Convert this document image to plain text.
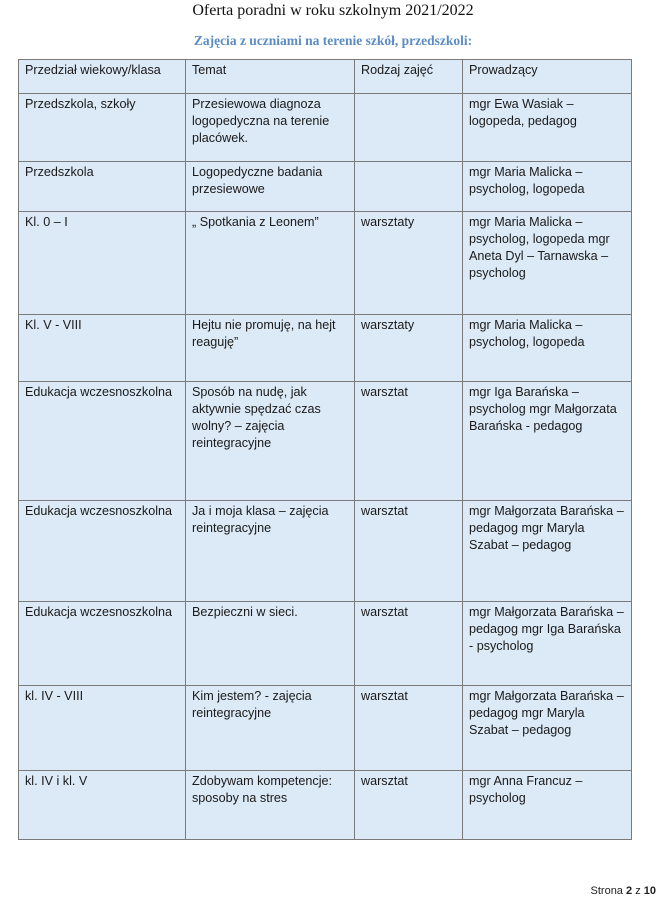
Oferta poradni w roku szkolnym 2021/2022
Zajęcia z uczniami na terenie szkół, przedszkoli:
Przedział wiekowy/klasa	Temat	Rodzaj zajęć	Prowadzący
Przedszkola, szkoły	Przesiewowa diagnoza logopedyczna na terenie placówek.		mgr Ewa Wasiak – logopeda, pedagog
Przedszkola	Logopedyczne badania przesiewowe		mgr Maria Malicka – psycholog, logopeda
Kl. 0 – I	„ Spotkania z Leonem”	warsztaty	mgr Maria Malicka – psycholog, logopeda mgr Aneta Dyl – Tarnawska – psycholog
Kl. V - VIII	Hejtu nie promuję, na hejt reaguję”	warsztaty	mgr Maria Malicka – psycholog, logopeda
Edukacja wczesnoszkolna	Sposób na nudę, jak aktywnie spędzać czas wolny? – zajęcia reintegracyjne	warsztat	mgr Iga Barańska – psycholog mgr Małgorzata Barańska - pedagog
Edukacja wczesnoszkolna	Ja i moja klasa – zajęcia reintegracyjne	warsztat	mgr Małgorzata Barańska – pedagog mgr Maryla Szabat – pedagog
Edukacja wczesnoszkolna	Bezpieczni w sieci.	warsztat	mgr Małgorzata Barańska – pedagog mgr Iga Barańska - psycholog
kl. IV - VIII	Kim jestem? - zajęcia reintegracyjne	warsztat	mgr Małgorzata Barańska – pedagog mgr Maryla Szabat – pedagog
kl. IV i kl. V	Zdobywam kompetencje: sposoby na stres	warsztat	mgr Anna Francuz – psycholog
Strona 2 z 10
